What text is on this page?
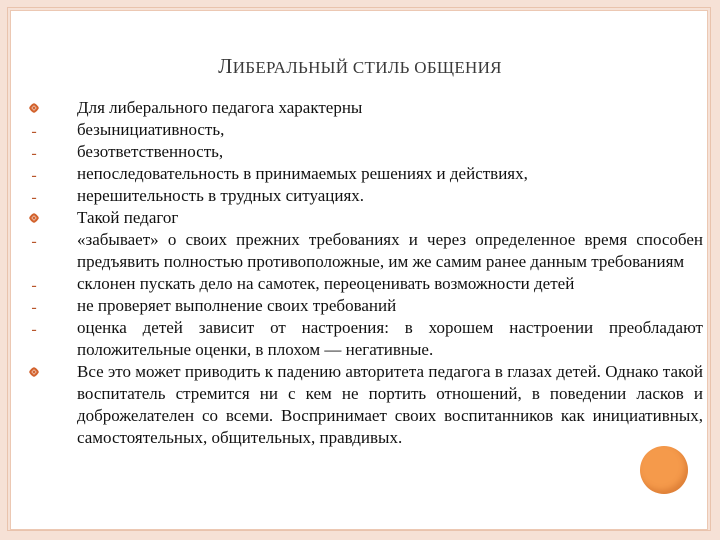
ЛИБЕРАЛЬНЫЙ СТИЛЬ ОБЩЕНИЯ
Для либерального педагога характерны
-	безынициативность,
-	безответственность,
-	непоследовательность в принимаемых решениях и действиях,
-	нерешительность в трудных ситуациях.
Такой педагог
-	«забывает» о своих прежних требованиях и через определенное время способен предъявить полностью противоположные, им же самим ранее данным требованиям
-	склонен пускать дело на самотек, переоценивать возможности детей
-	не проверяет выполнение своих требований
-	оценка детей зависит от настроения: в хорошем настроении преобладают положительные оценки, в плохом — негативные.
Все это может приводить к падению авторитета педагога в глазах детей. Однако такой воспитатель стремится ни с кем не портить отношений, в поведении ласков и доброжелателен со всеми. Воспринимает своих воспитанников как инициативных, самостоятельных, общительных, правдивых.
